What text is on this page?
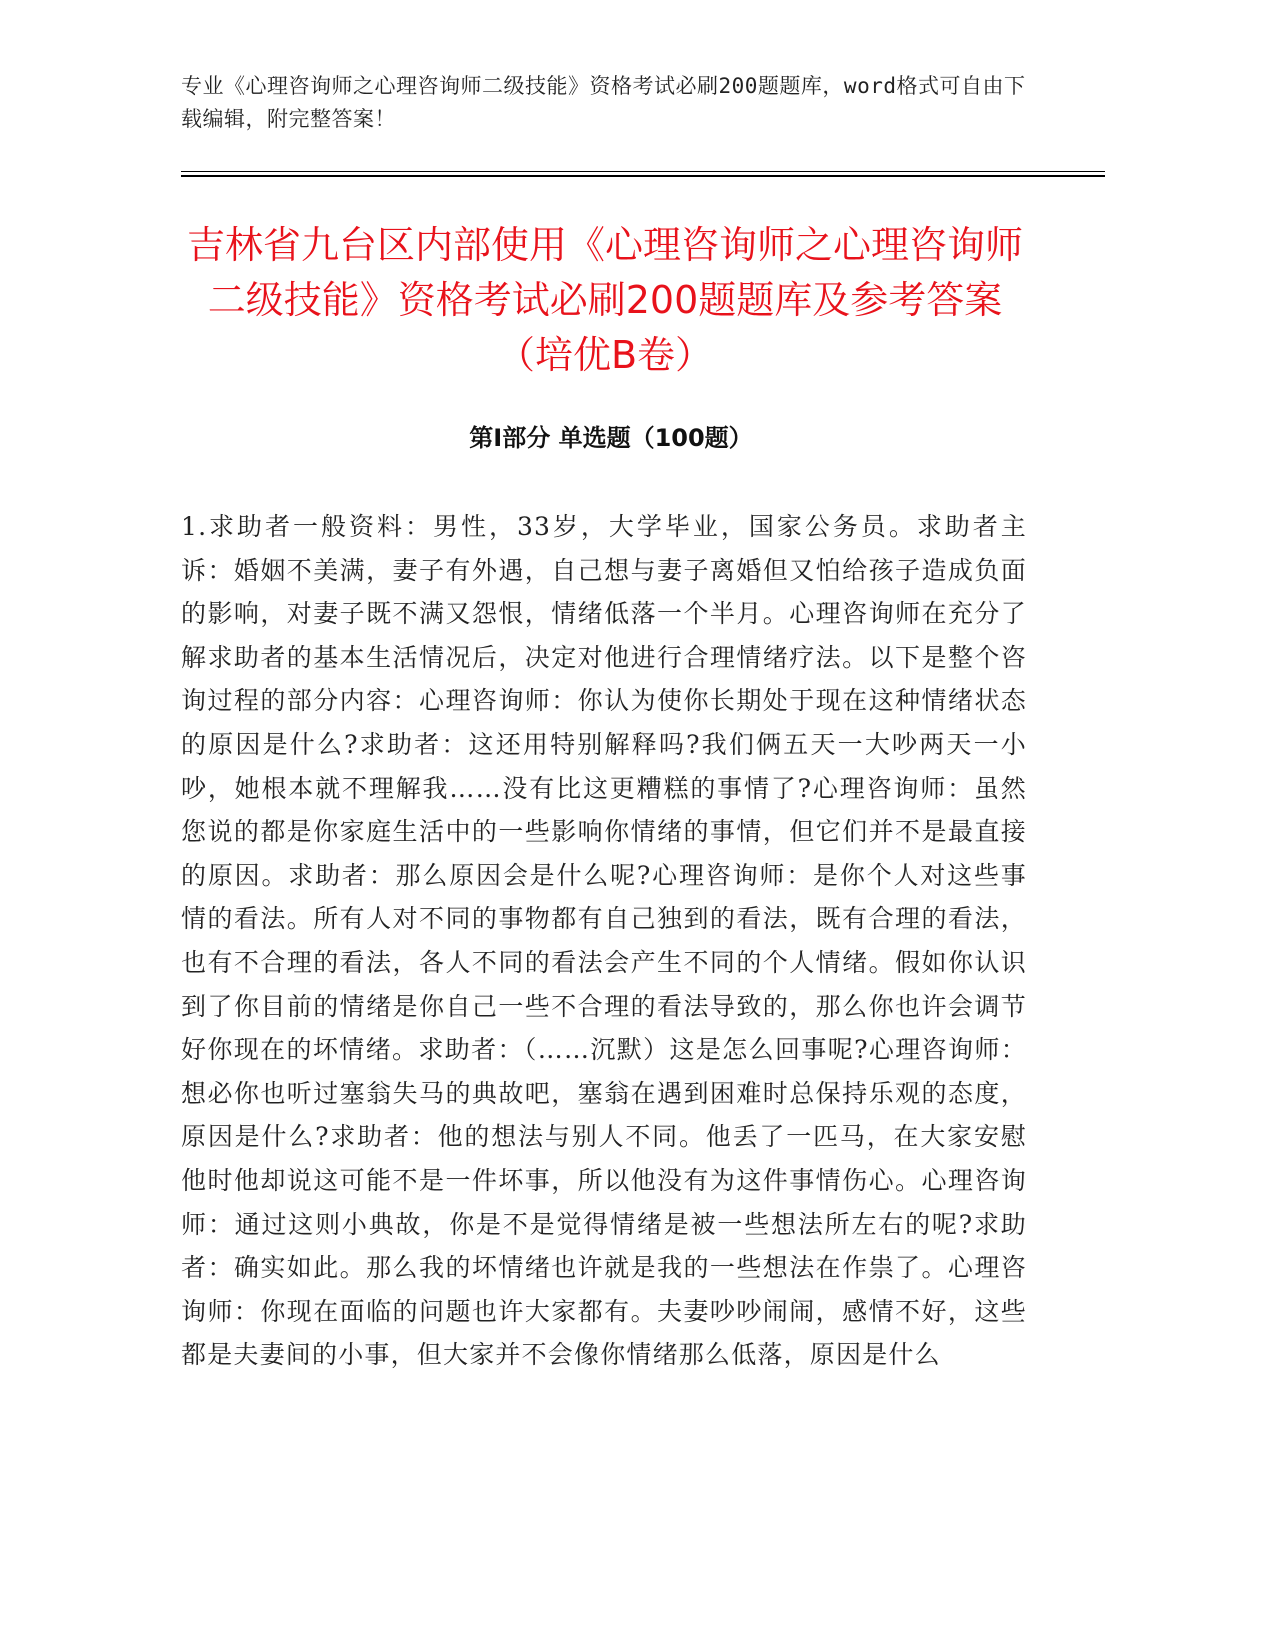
专业《心理咨询师之心理咨询师二级技能》资格考试必刷200题题库，word格式可自由下载编辑，附完整答案！
吉林省九台区内部使用《心理咨询师之心理咨询师二级技能》资格考试必刷200题题库及参考答案（培优B卷）
第I部分 单选题（100题）

1.求助者一般资料：男性，33岁，大学毕业，国家公务员。求助者主诉：婚姻不美满，妻子有外遇，自己想与妻子离婚但又怕给孩子造成负面的影响，对妻子既不满又怨恨，情绪低落一个半月。心理咨询师在充分了解求助者的基本生活情况后，决定对他进行合理情绪疗法。以下是整个咨询过程的部分内容：心理咨询师：你认为使你长期处于现在这种情绪状态的原因是什么?求助者：这还用特别解释吗?我们俩五天一大吵两天一小吵，她根本就不理解我……没有比这更糟糕的事情了?心理咨询师：虽然您说的都是你家庭生活中的一些影响你情绪的事情，但它们并不是最直接的原因。求助者：那么原因会是什么呢?心理咨询师：是你个人对这些事情的看法。所有人对不同的事物都有自己独到的看法，既有合理的看法，也有不合理的看法，各人不同的看法会产生不同的个人情绪。假如你认识到了你目前的情绪是你自己一些不合理的看法导致的，那么你也许会调节好你现在的坏情绪。求助者：（……沉默）这是怎么回事呢?心理咨询师：想必你也听过塞翁失马的典故吧，塞翁在遇到困难时总保持乐观的态度，原因是什么?求助者：他的想法与别人不同。他丢了一匹马，在大家安慰他时他却说这可能不是一件坏事，所以他没有为这件事情伤心。心理咨询师：通过这则小典故，你是不是觉得情绪是被一些想法所左右的呢?求助者：确实如此。那么我的坏情绪也许就是我的一些想法在作祟了。心理咨询师：你现在面临的问题也许大家都有。夫妻吵吵闹闹，感情不好，这些都是夫妻间的小事，但大家并不会像你情绪那么低落，原因是什么
